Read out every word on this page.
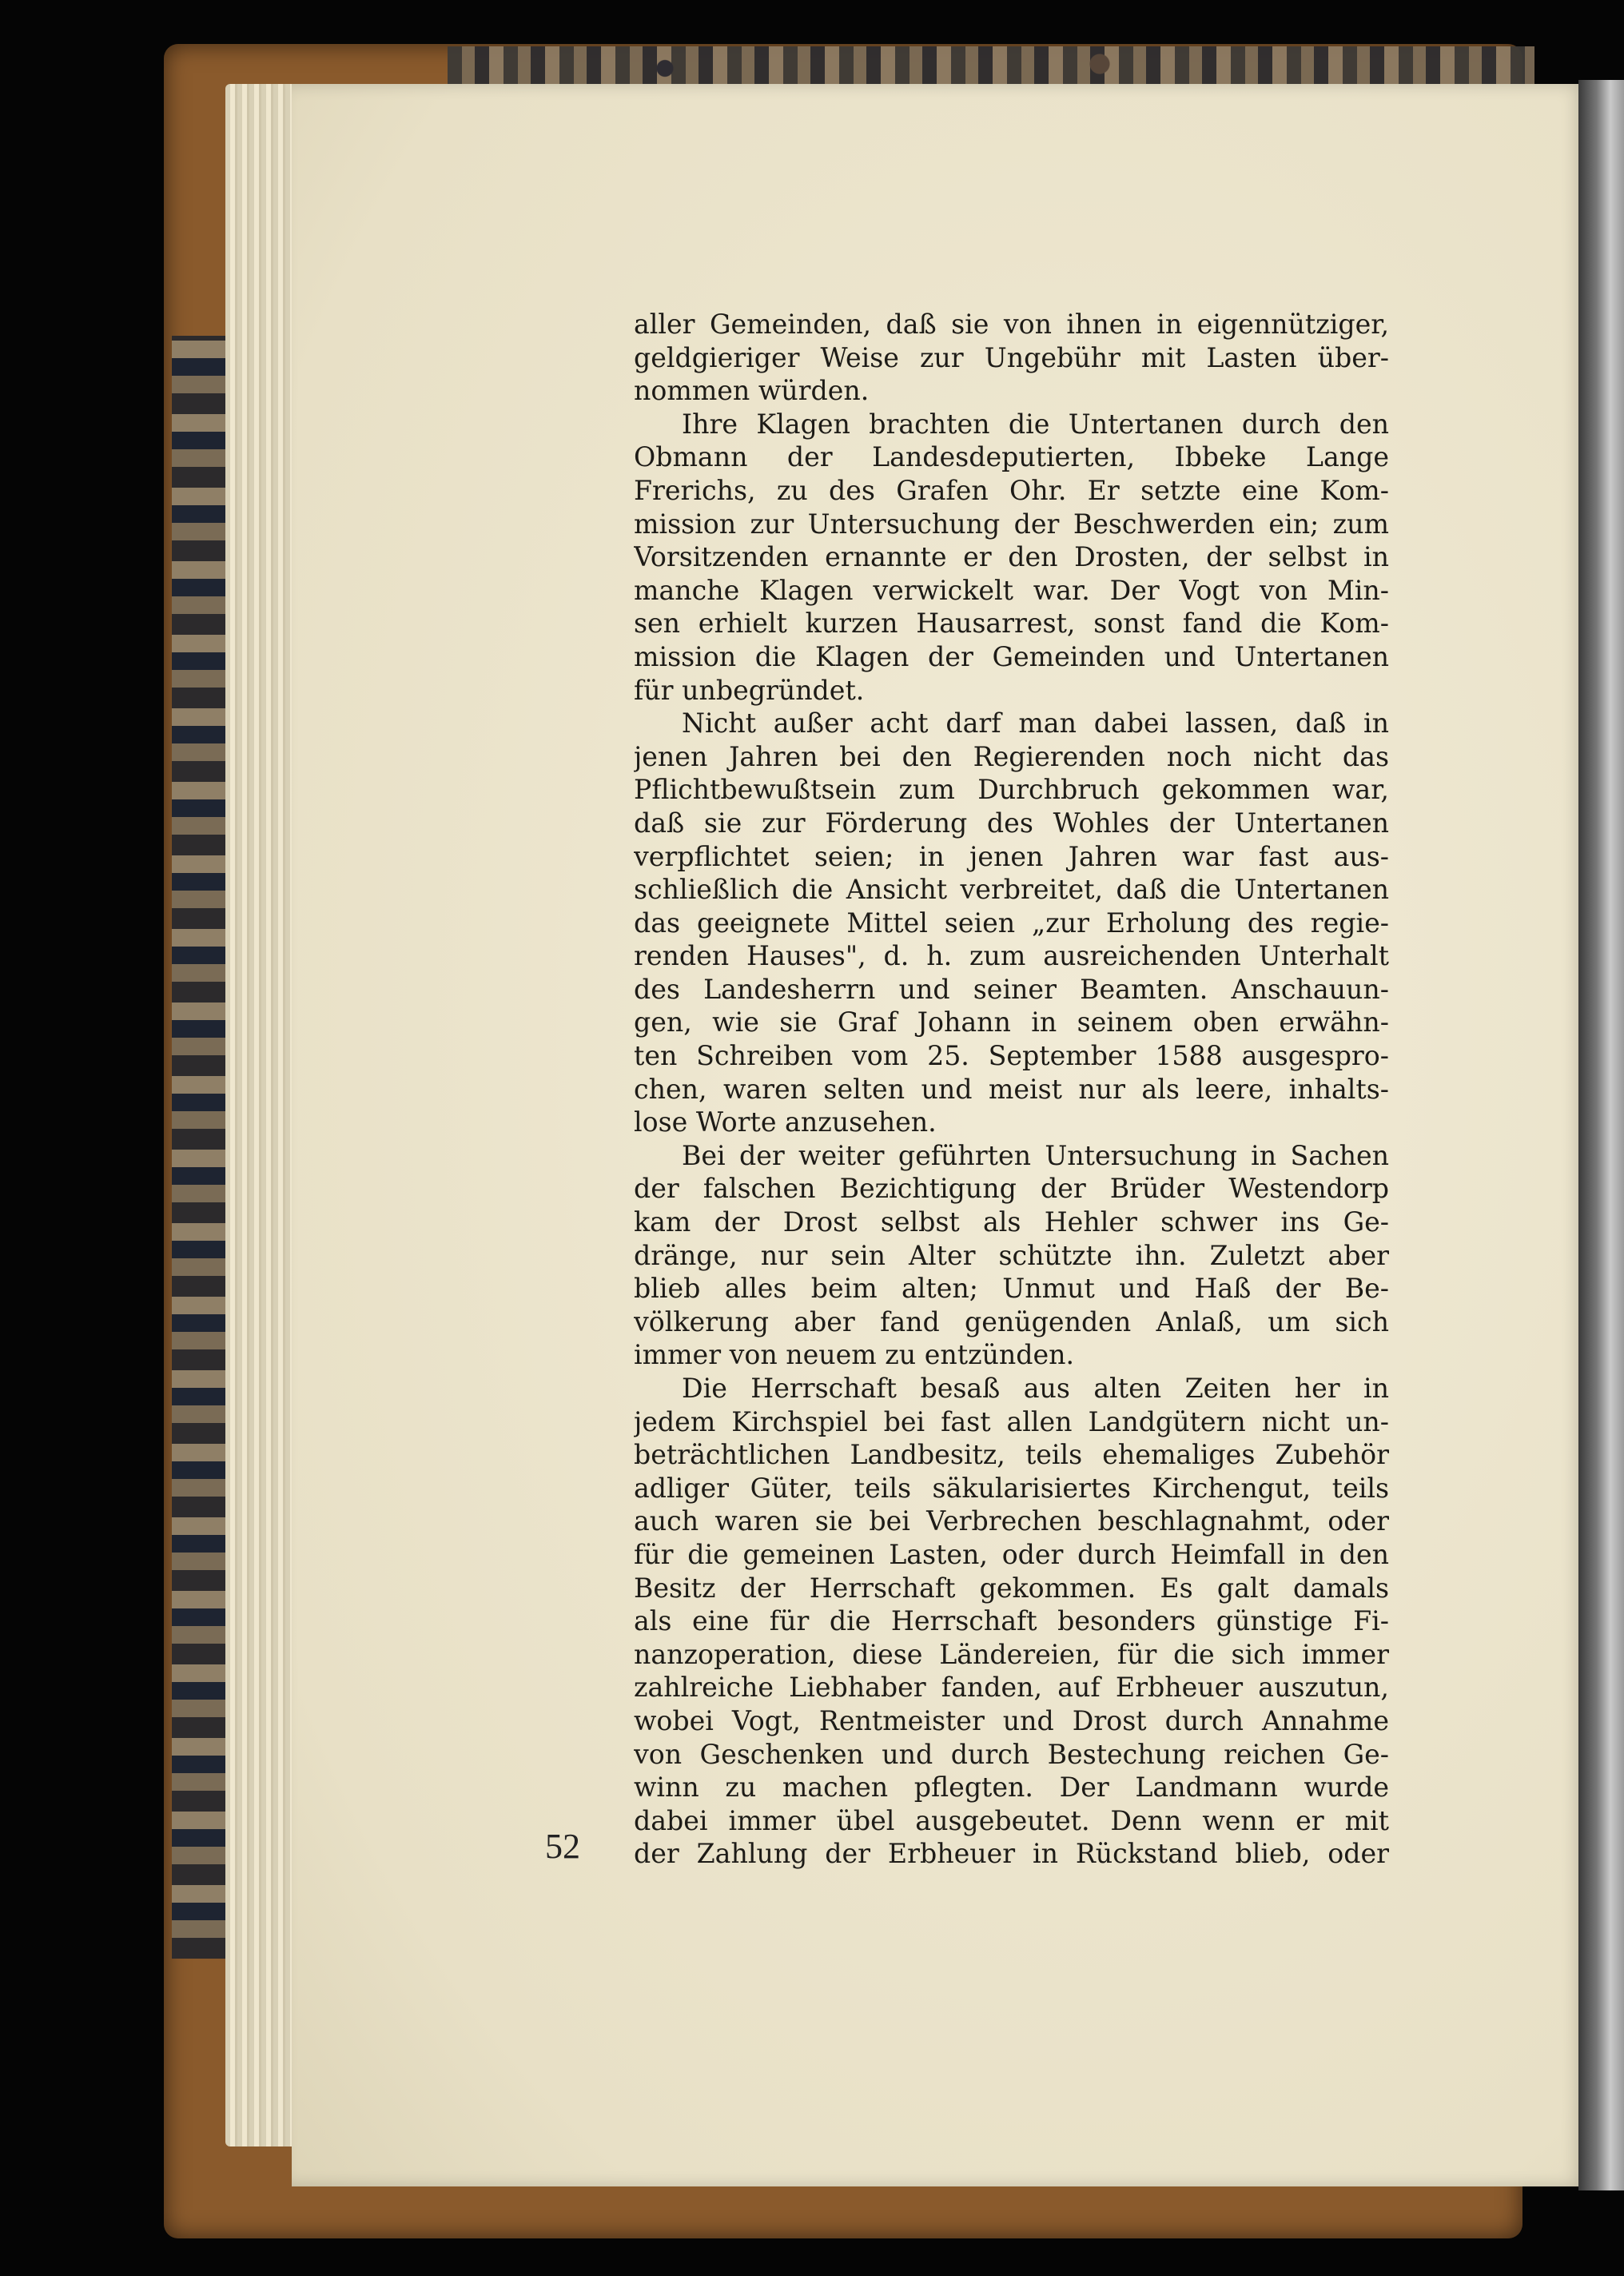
aller Gemeinden, daß sie von ihnen in eigennütziger,
geldgieriger Weise zur Ungebühr mit Lasten über-
nommen würden.
Ihre Klagen brachten die Untertanen durch den
Obmann der Landesdeputierten, Ibbeke Lange
Frerichs, zu des Grafen Ohr. Er setzte eine Kom-
mission zur Untersuchung der Beschwerden ein; zum
Vorsitzenden ernannte er den Drosten, der selbst in
manche Klagen verwickelt war. Der Vogt von Min-
sen erhielt kurzen Hausarrest, sonst fand die Kom-
mission die Klagen der Gemeinden und Untertanen
für unbegründet.
Nicht außer acht darf man dabei lassen, daß in
jenen Jahren bei den Regierenden noch nicht das
Pflichtbewußtsein zum Durchbruch gekommen war,
daß sie zur Förderung des Wohles der Untertanen
verpflichtet seien; in jenen Jahren war fast aus-
schließlich die Ansicht verbreitet, daß die Untertanen
das geeignete Mittel seien „zur Erholung des regie-
renden Hauses", d. h. zum ausreichenden Unterhalt
des Landesherrn und seiner Beamten. Anschauun-
gen, wie sie Graf Johann in seinem oben erwähn-
ten Schreiben vom 25. September 1588 ausgespro-
chen, waren selten und meist nur als leere, inhalts-
lose Worte anzusehen.
Bei der weiter geführten Untersuchung in Sachen
der falschen Bezichtigung der Brüder Westendorp
kam der Drost selbst als Hehler schwer ins Ge-
dränge, nur sein Alter schützte ihn. Zuletzt aber
blieb alles beim alten; Unmut und Haß der Be-
völkerung aber fand genügenden Anlaß, um sich
immer von neuem zu entzünden.
Die Herrschaft besaß aus alten Zeiten her in
jedem Kirchspiel bei fast allen Landgütern nicht un-
beträchtlichen Landbesitz, teils ehemaliges Zubehör
adliger Güter, teils säkularisiertes Kirchengut, teils
auch waren sie bei Verbrechen beschlagnahmt, oder
für die gemeinen Lasten, oder durch Heimfall in den
Besitz der Herrschaft gekommen. Es galt damals
als eine für die Herrschaft besonders günstige Fi-
nanzoperation, diese Ländereien, für die sich immer
zahlreiche Liebhaber fanden, auf Erbheuer auszutun,
wobei Vogt, Rentmeister und Drost durch Annahme
von Geschenken und durch Bestechung reichen Ge-
winn zu machen pflegten. Der Landmann wurde
dabei immer übel ausgebeutet. Denn wenn er mit
der Zahlung der Erbheuer in Rückstand blieb, oder
52
